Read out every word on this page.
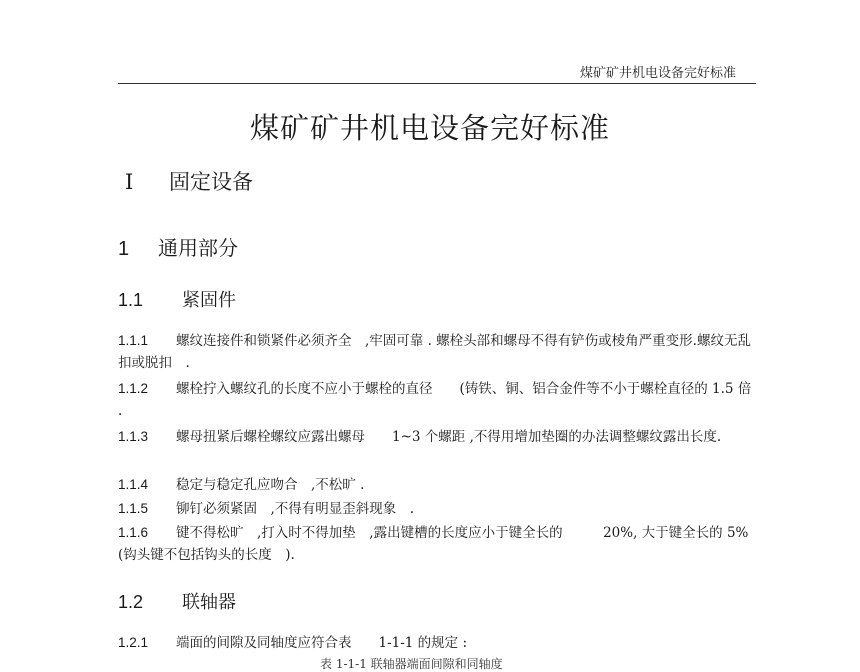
煤矿矿井机电设备完好标准
煤矿矿井机电设备完好标准
I 固定设备
1 通用部分
1.1 紧固件

1.1.1 螺纹连接件和锁紧件必须齐全　,牢固可靠 . 螺栓头部和螺母不得有铲伤或棱角严重变形.螺纹无乱扣或脱扣　.

1.1.2 螺栓拧入螺纹孔的长度不应小于螺栓的直径　　(铸铁、铜、铝合金件等不小于螺栓直径的 1.5 倍 .

1.1.3 螺母扭紧后螺栓螺纹应露出螺母　　1~3 个螺距 ,不得用增加垫圈的办法调整螺纹露出长度.

1.1.4 稳定与稳定孔应吻合　,不松旷 .

1.1.5 铆钉必须紧固　,不得有明显歪斜现象　.

1.1.6 键不得松旷　,打入时不得加垫　,露出键槽的长度应小于键全长的　　　20%, 大于键全长的 5%(钩头键不包括钩头的长度　).

1.2 联轴器

1.2.1 端面的间隙及同轴度应符合表　　1-1-1 的规定 :

表 1-1-1 联轴器端面间隙和同轴度
